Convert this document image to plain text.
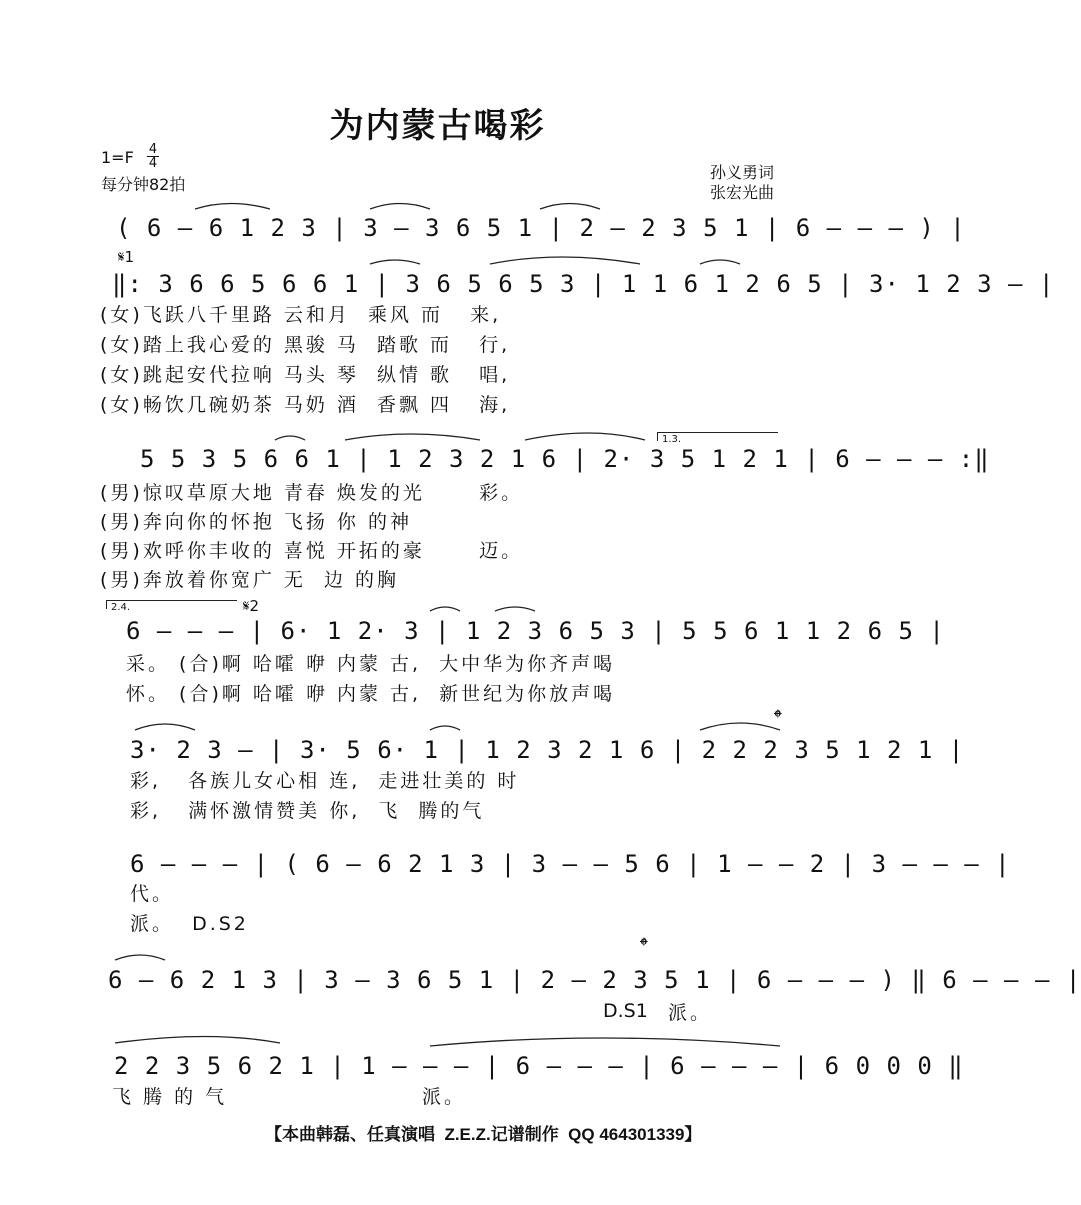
为内蒙古喝彩
$1=F \frac{4}{4}$
每分钟82拍
孙义勇词
张宏光曲
𝄋1
𝄋2
𝄌
𝄌
( 6 – 6 1 2 3 | 3 – 3 6 5 1 | 2 – 2 3 5 1 | 6 – – – ) |
‖: 3 6 6 5 6 6 1 | 3 6 5 6 5 3 | 1 1 6 1 2 6 5 | 3· 1 2 3 – |
(女)飞跃八千里路 云和月  乘风 而   来,
(女)踏上我心爱的 黑骏 马  踏歌 而   行,
(女)跳起安代拉响 马头 琴  纵情 歌   唱,
(女)畅饮几碗奶茶 马奶 酒  香飘 四   海,
1.3.
5 5 3 5 6 6 1 | 1 2 3 2 1 6 | 2· 3 5 1 2 1 | 6 – – – :‖
(男)惊叹草原大地 青春 焕发的光      彩。
(男)奔向你的怀抱 飞扬 你 的神
(男)欢呼你丰收的 喜悦 开拓的豪      迈。
(男)奔放着你宽广 无  边 的胸
2.4.
6 – – – | 6· 1 2· 3 | 1 2 3 6 5 3 | 5 5 6 1 1 2 6 5 |
采。 (合)啊 哈嚯 咿 内蒙 古,  大中华为你齐声喝
怀。 (合)啊 哈嚯 咿 内蒙 古,  新世纪为你放声喝
3· 2 3 – | 3· 5 6· 1 | 1 2 3 2 1 6 | 2 2 2 3 5 1 2 1 |
彩,   各族儿女心相 连,  走进壮美的 时
彩,   满怀激情赞美 你,  飞  腾的气
6 – – – | ( 6 – 6 2 1 3 | 3 – – 5 6 | 1 – – 2 | 3 – – – |
代。
派。  D.S2
6 – 6 2 1 3 | 3 – 3 6 5 1 | 2 – 2 3 5 1 | 6 – – – ) ‖ 6 – – – |
D.S1 派。
2 2 3 5 6 2 1 | 1 – – – | 6 – – – | 6 – – – | 6 0 0 0 ‖
飞 腾 的 气	派。
【本曲韩磊、任真演唱  Z.E.Z.记谱制作  QQ 464301339】
